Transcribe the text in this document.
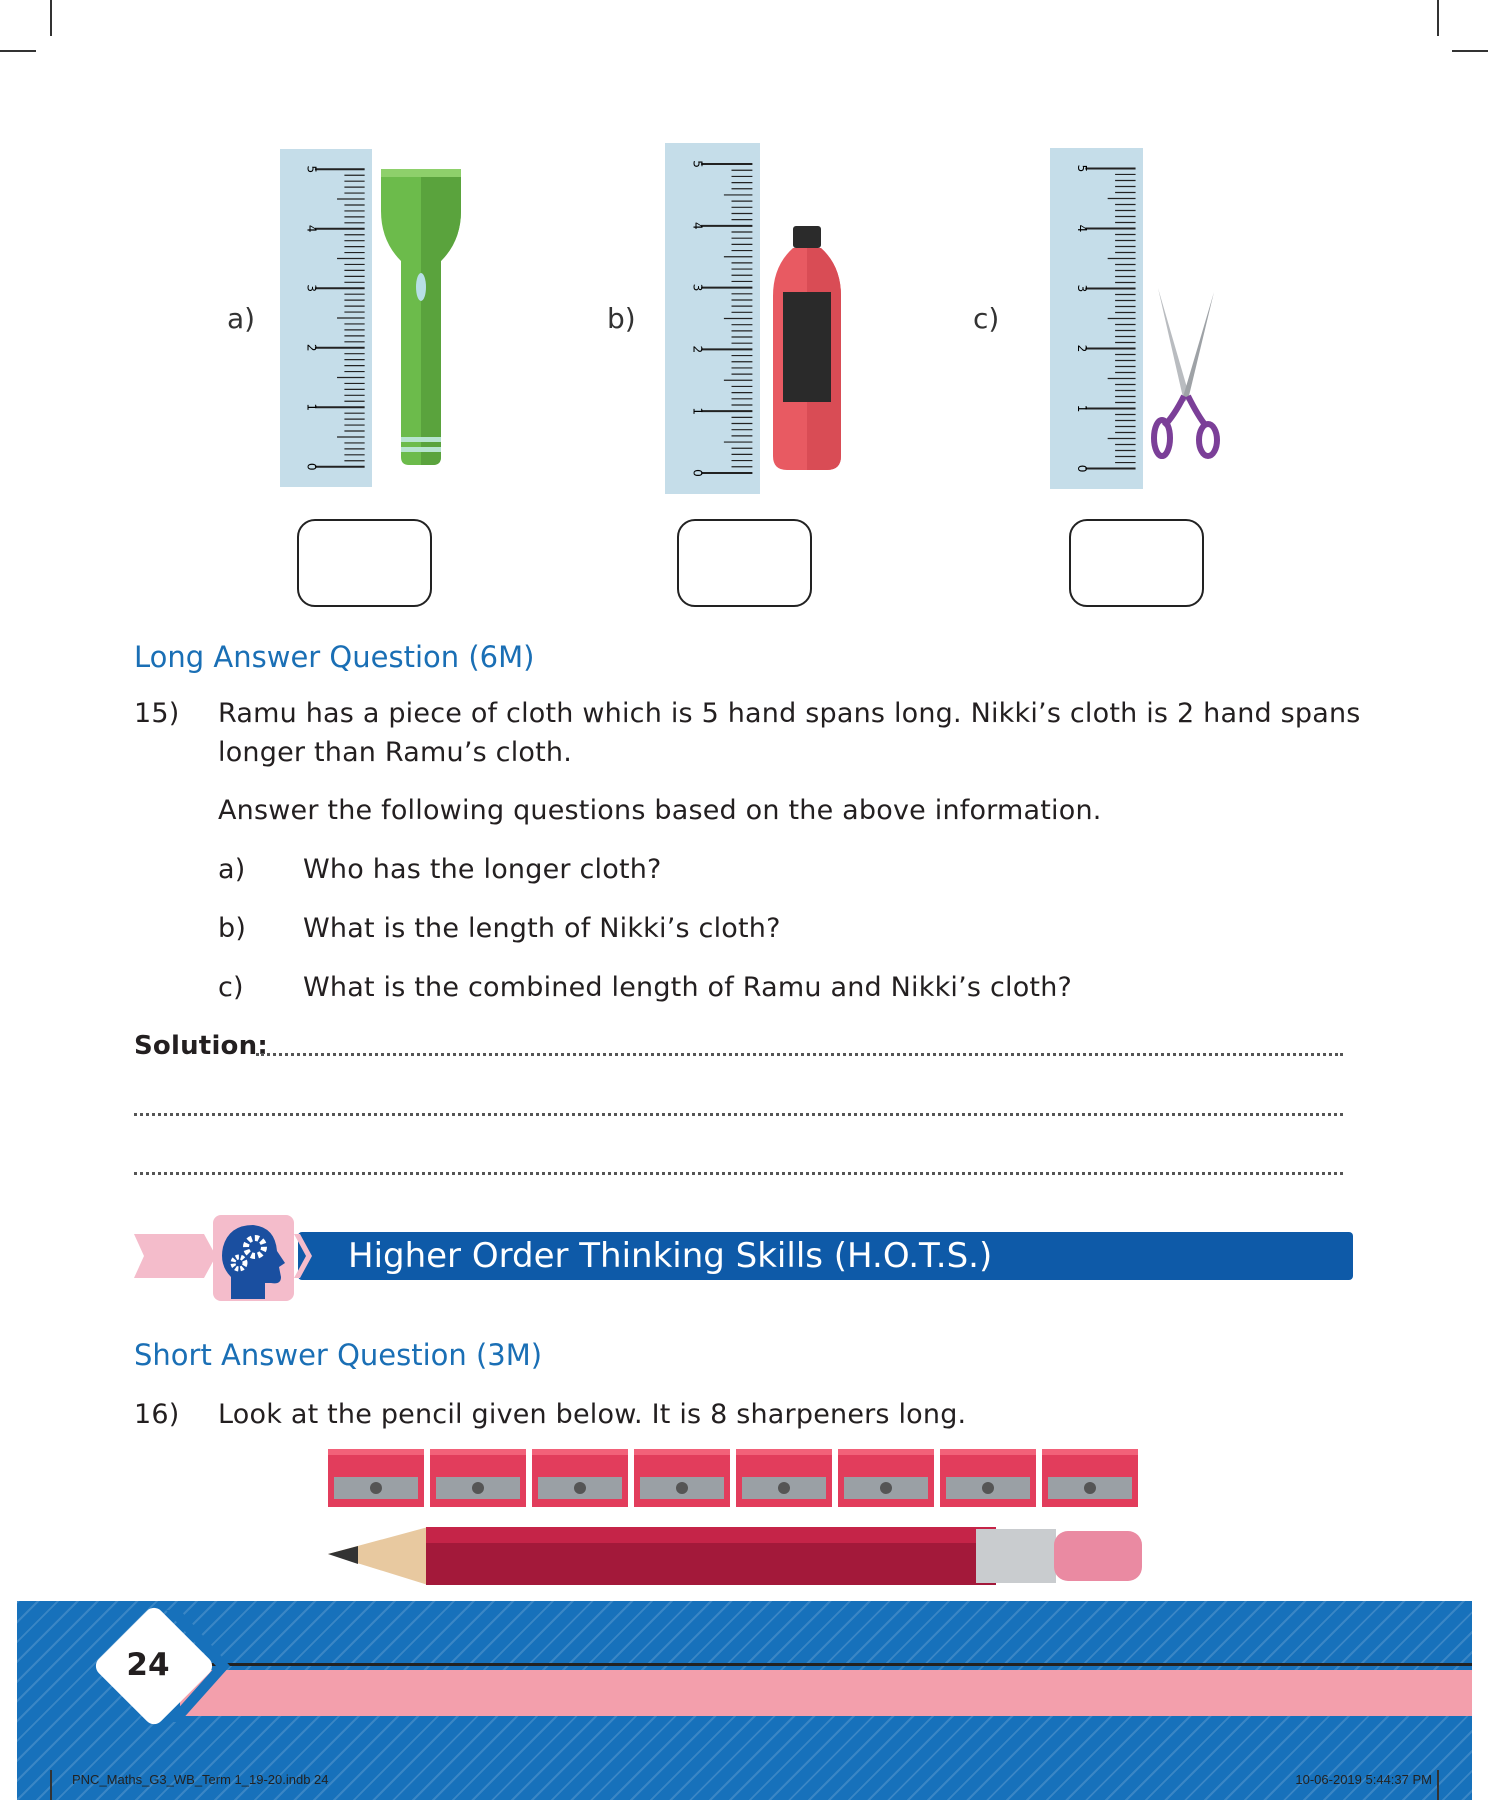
a)
0
1
2
3
4
5
b)
0
1
2
3
4
5
c)
0
1
2
3
4
5
Long Answer Question (6M)
15) Ramu has a piece of cloth which is 5 hand spans long. Nikki’s cloth is 2 hand spans
longer than Ramu’s cloth.
Answer the following questions based on the above information.
a) Who has the longer cloth?
b) What is the length of Nikki’s cloth?
c) What is the combined length of Ramu and Nikki’s cloth?
Solution:
Higher Order Thinking Skills (H.O.T.S.)
Short Answer Question (3M)
16) Look at the pencil given below. It is 8 sharpeners long.
24
PNC_Maths_G3_WB_Term 1_19-20.indb 24	10-06-2019 5:44:37 PM
